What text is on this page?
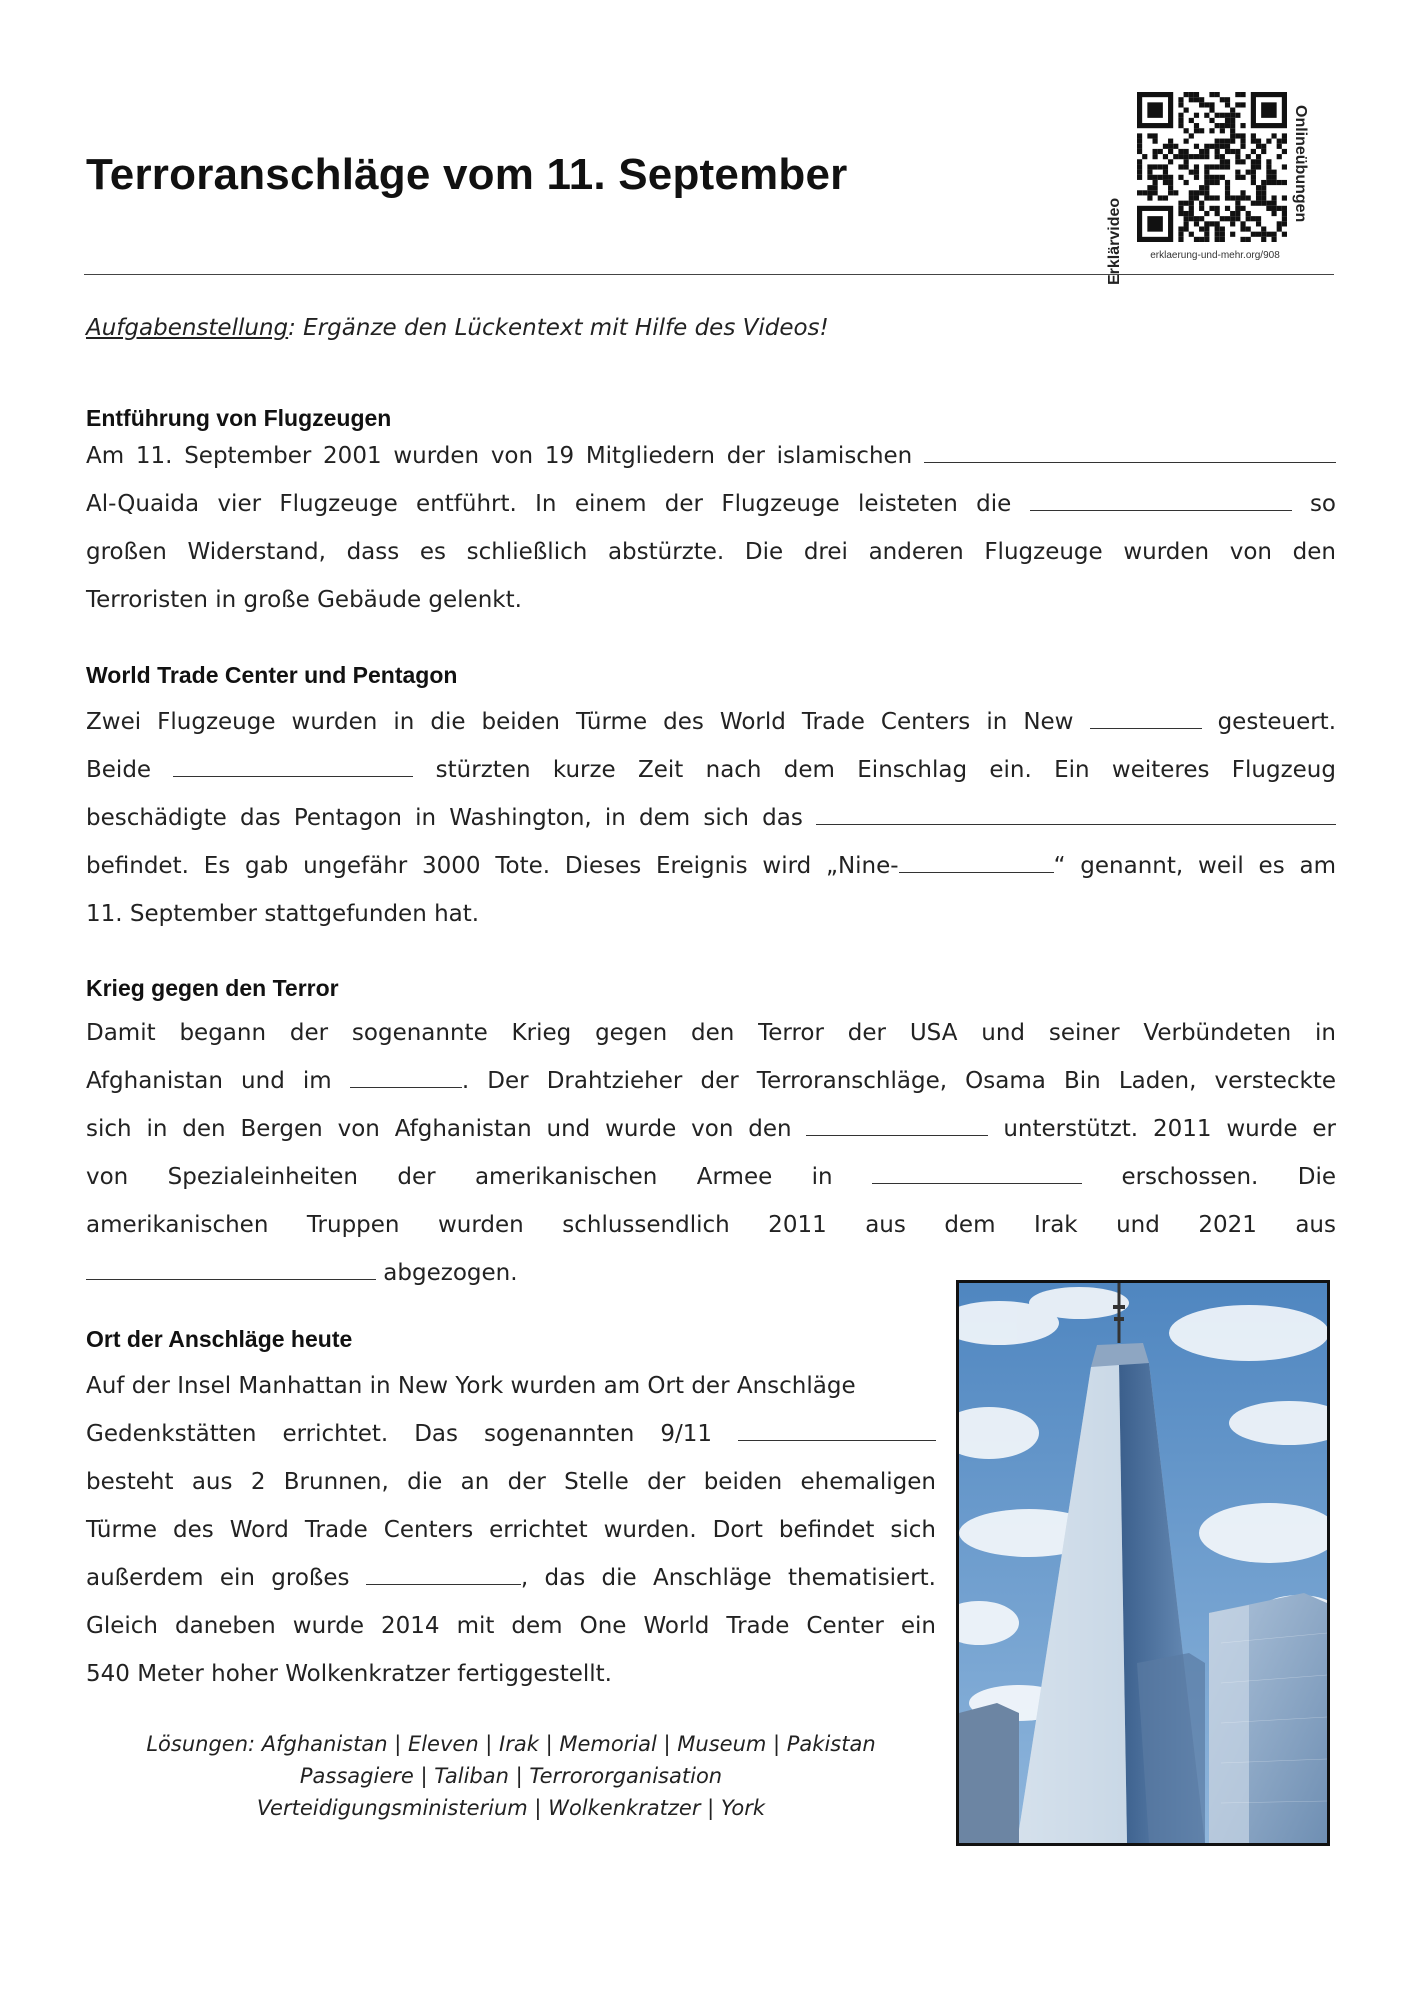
Terroranschläge vom 11. September
Erklärvideo
Onlineübungen
erklaerung-und-mehr.org/908
Aufgabenstellung: Ergänze den Lückentext mit Hilfe des Videos!
Entführung von Flugzeugen
Am 11. September 2001 wurden von 19 Mitgliedern der islamischen
Al-Quaida vier Flugzeuge entführt. In einem der Flugzeuge leisteten die	so
großen Widerstand, dass es schließlich abstürzte. Die drei anderen Flugzeuge wurden von den
Terroristen in große Gebäude gelenkt.
World Trade Center und Pentagon
Zwei Flugzeuge wurden in die beiden Türme des World Trade Centers in New	gesteuert.
Beide	stürzten kurze Zeit nach dem Einschlag ein. Ein weiteres Flugzeug
beschädigte das Pentagon in Washington, in dem sich das
befindet. Es gab ungefähr 3000 Tote. Dieses Ereignis wird „Nine-	“ genannt, weil es am
11. September stattgefunden hat.
Krieg gegen den Terror
Damit begann der sogenannte Krieg gegen den Terror der USA und seiner Verbündeten in
Afghanistan und im	. Der Drahtzieher der Terroranschläge, Osama Bin Laden, versteckte
sich in den Bergen von Afghanistan und wurde von den	unterstützt. 2011 wurde er
von Spezialeinheiten der amerikanischen Armee in	erschossen. Die
amerikanischen Truppen wurden schlussendlich 2011 aus dem Irak und 2021 aus
abgezogen.
Ort der Anschläge heute
Auf der Insel Manhattan in New York wurden am Ort der Anschläge
Gedenkstätten errichtet. Das sogenannten 9/11
besteht aus 2 Brunnen, die an der Stelle der beiden ehemaligen
Türme des Word Trade Centers errichtet wurden. Dort befindet sich
außerdem ein großes	, das die Anschläge thematisiert.
Gleich daneben wurde 2014 mit dem One World Trade Center ein
540 Meter hoher Wolkenkratzer fertiggestellt.
Lösungen: Afghanistan | Eleven | Irak | Memorial | Museum | Pakistan
Passagiere | Taliban | Terrororganisation
Verteidigungsministerium | Wolkenkratzer | York
